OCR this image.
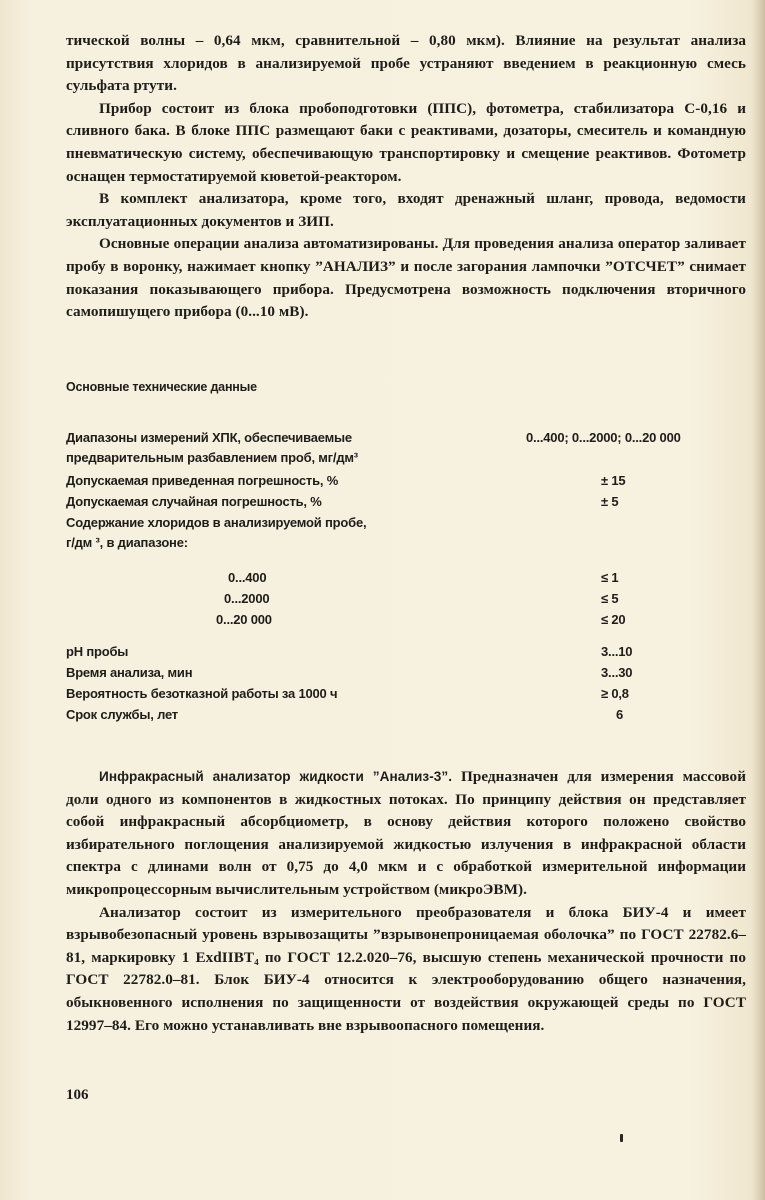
тической волны – 0,64 мкм, сравнительной – 0,80 мкм). Влияние на результат анализа присутствия хлоридов в анализируемой пробе устраняют введением в реакционную смесь сульфата ртути.

Прибор состоит из блока пробоподготовки (ППС), фотометра, стабилизатора С-0,16 и сливного бака. В блоке ППС размещают баки с реактивами, дозаторы, смеситель и командную пневматическую систему, обеспечивающую транспортировку и смещение реактивов. Фотометр оснащен термостатируемой кюветой-реактором.

В комплект анализатора, кроме того, входят дренажный шланг, провода, ведомости эксплуатационных документов и ЗИП.

Основные операции анализа автоматизированы. Для проведения анализа оператор заливает пробу в воронку, нажимает кнопку ”АНАЛИЗ” и после загорания лампочки ”ОТСЧЕТ” снимает показания показывающего прибора. Предусмотрена возможность подключения вторичного самопишущего прибора (0...10 мВ).

Основные технические данные

Диапазоны измерений ХПК, обеспечиваемые
предварительным разбавлением проб, мг/дм³
0...400; 0...2000; 0...20 000
Допускаемая приведенная погрешность, %	± 15
Допускаемая случайная погрешность, %	± 5
Содержание хлоридов в анализируемой пробе,
г/дм ³, в диапазоне:
0...400	≤ 1
0...2000	≤ 5
0...20 000	≤ 20
рН пробы	3...10
Время анализа, мин	3...30
Вероятность безотказной работы за 1000 ч	≥ 0,8
Срок службы, лет	6

Инфракрасный анализатор жидкости ”Анализ-3”. Предназначен для измерения массовой доли одного из компонентов в жидкостных потоках. По принципу действия он представляет собой инфракрасный абсорбциометр, в основу действия которого положено свойство избирательного поглощения анализируемой жидкостью излучения в инфракрасной области спектра с длинами волн от 0,75 до 4,0 мкм и с обработкой измерительной информации микропроцессорным вычислительным устройством (микроЭВМ).

Анализатор состоит из измерительного преобразователя и блока БИУ-4 и имеет взрывобезопасный уровень взрывозащиты ”взрывонепроницаемая оболочка” по ГОСТ 22782.6–81, маркировку 1 ExdIIBT₄ по ГОСТ 12.2.020–76, высшую степень механической прочности по ГОСТ 22782.0–81. Блок БИУ-4 относится к электрооборудованию общего назначения, обыкновенного исполнения по защищенности от воздействия окружающей среды по ГОСТ 12997–84. Его можно устанавливать вне взрывоопасного помещения.

106
